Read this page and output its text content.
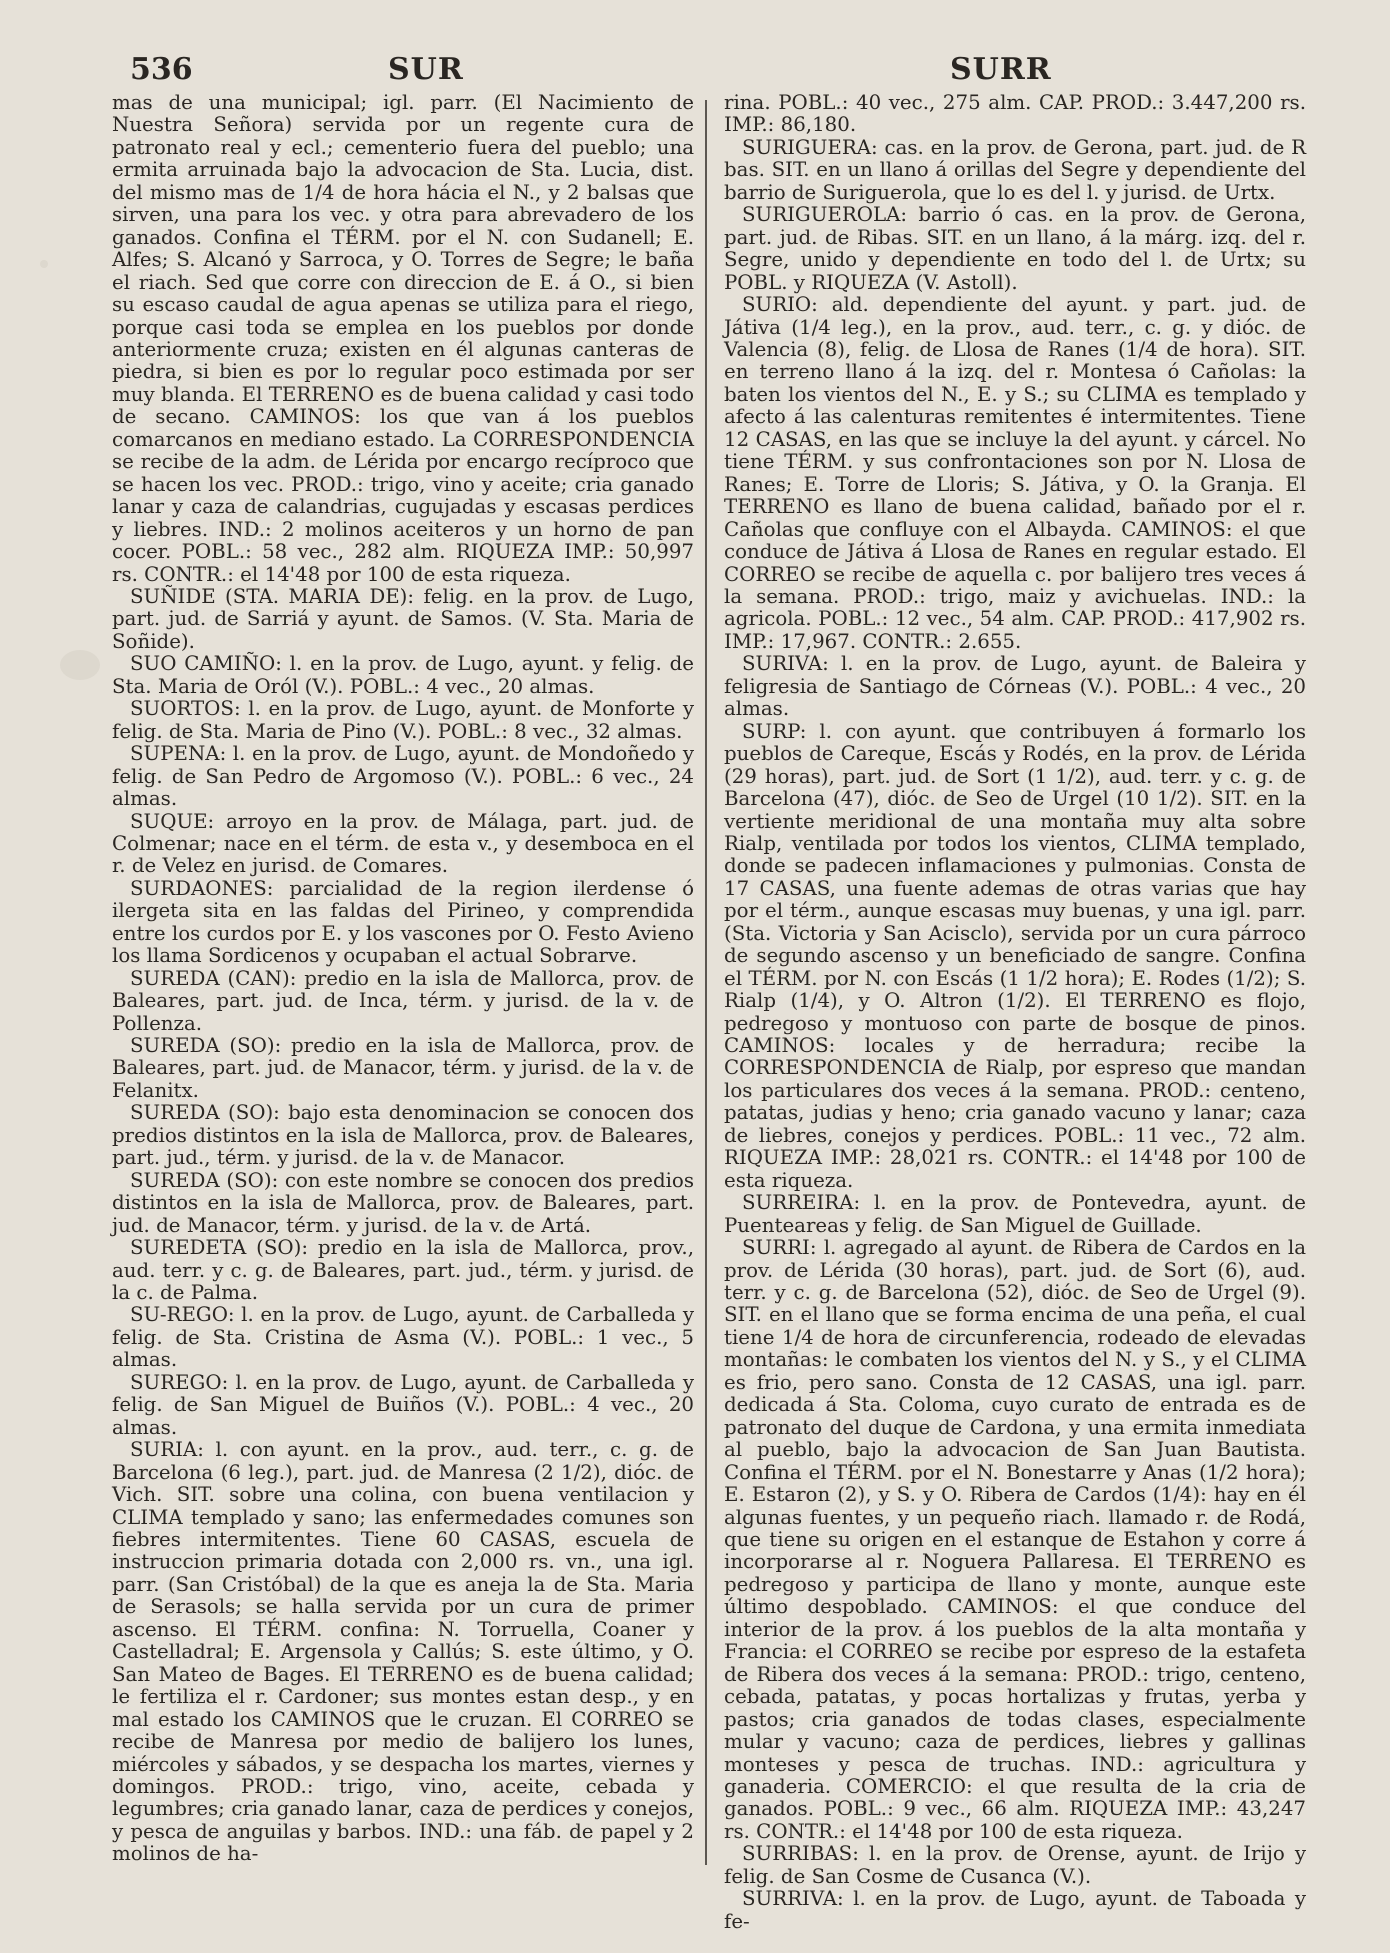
536	SUR	SURR

mas de una municipal; igl. parr. (El Nacimiento de Nuestra Señora) servida por un regente cura de patronato real y ecl.; cementerio fuera del pueblo; una ermita arruinada bajo la advocacion de Sta. Lucia, dist. del mismo mas de 1/4 de hora hácia el N., y 2 balsas que sirven, una para los vec. y otra para abrevadero de los ganados. Confina el TÉRM. por el N. con Sudanell; E. Alfes; S. Alcanó y Sarroca, y O. Torres de Segre; le baña el riach. Sed que corre con direccion de E. á O., si bien su escaso caudal de agua apenas se utiliza para el riego, porque casi toda se emplea en los pueblos por donde anteriormente cruza; existen en él algunas canteras de piedra, si bien es por lo regular poco estimada por ser muy blanda. El TERRENO es de buena calidad y casi todo de secano. CAMINOS: los que van á los pueblos comarcanos en mediano estado. La CORRESPONDENCIA se recibe de la adm. de Lérida por encargo recíproco que se hacen los vec. PROD.: trigo, vino y aceite; cria ganado lanar y caza de calandrias, cugujadas y escasas perdices y liebres. IND.: 2 molinos aceiteros y un horno de pan cocer. POBL.: 58 vec., 282 alm. RIQUEZA IMP.: 50,997 rs. CONTR.: el 14'48 por 100 de esta riqueza.

SUÑIDE (STA. MARIA DE): felig. en la prov. de Lugo, part. jud. de Sarriá y ayunt. de Samos. (V. Sta. Maria de Soñide).

SUO CAMIÑO: l. en la prov. de Lugo, ayunt. y felig. de Sta. Maria de Oról (V.). POBL.: 4 vec., 20 almas.

SUORTOS: l. en la prov. de Lugo, ayunt. de Monforte y felig. de Sta. Maria de Pino (V.). POBL.: 8 vec., 32 almas.

SUPENA: l. en la prov. de Lugo, ayunt. de Mondoñedo y felig. de San Pedro de Argomoso (V.). POBL.: 6 vec., 24 almas.

SUQUE: arroyo en la prov. de Málaga, part. jud. de Colmenar; nace en el térm. de esta v., y desemboca en el r. de Velez en jurisd. de Comares.

SURDAONES: parcialidad de la region ilerdense ó ilergeta sita en las faldas del Pirineo, y comprendida entre los curdos por E. y los vascones por O. Festo Avieno los llama Sordicenos y ocupaban el actual Sobrarve.

SUREDA (CAN): predio en la isla de Mallorca, prov. de Baleares, part. jud. de Inca, térm. y jurisd. de la v. de Pollenza.

SUREDA (SO): predio en la isla de Mallorca, prov. de Baleares, part. jud. de Manacor, térm. y jurisd. de la v. de Felanitx.

SUREDA (SO): bajo esta denominacion se conocen dos predios distintos en la isla de Mallorca, prov. de Baleares, part. jud., térm. y jurisd. de la v. de Manacor.

SUREDA (SO): con este nombre se conocen dos predios distintos en la isla de Mallorca, prov. de Baleares, part. jud. de Manacor, térm. y jurisd. de la v. de Artá.

SUREDETA (SO): predio en la isla de Mallorca, prov., aud. terr. y c. g. de Baleares, part. jud., térm. y jurisd. de la c. de Palma.

SU-REGO: l. en la prov. de Lugo, ayunt. de Carballeda y felig. de Sta. Cristina de Asma (V.). POBL.: 1 vec., 5 almas.

SUREGO: l. en la prov. de Lugo, ayunt. de Carballeda y felig. de San Miguel de Buiños (V.). POBL.: 4 vec., 20 almas.

SURIA: l. con ayunt. en la prov., aud. terr., c. g. de Barcelona (6 leg.), part. jud. de Manresa (2 1/2), dióc. de Vich. SIT. sobre una colina, con buena ventilacion y CLIMA templado y sano; las enfermedades comunes son fiebres intermitentes. Tiene 60 CASAS, escuela de instruccion primaria dotada con 2,000 rs. vn., una igl. parr. (San Cristóbal) de la que es aneja la de Sta. Maria de Serasols; se halla servida por un cura de primer ascenso. El TÉRM. confina: N. Torruella, Coaner y Castelladral; E. Argensola y Callús; S. este último, y O. San Mateo de Bages. El TERRENO es de buena calidad; le fertiliza el r. Cardoner; sus montes estan desp., y en mal estado los CAMINOS que le cruzan. El CORREO se recibe de Manresa por medio de balijero los lunes, miércoles y sábados, y se despacha los martes, viernes y domingos. PROD.: trigo, vino, aceite, cebada y legumbres; cria ganado lanar, caza de perdices y conejos, y pesca de anguilas y barbos. IND.: una fáb. de papel y 2 molinos de ha-

rina. POBL.: 40 vec., 275 alm. CAP. PROD.: 3.447,200 rs. IMP.: 86,180.

SURIGUERA: cas. en la prov. de Gerona, part. jud. de R bas. SIT. en un llano á orillas del Segre y dependiente del barrio de Suriguerola, que lo es del l. y jurisd. de Urtx.

SURIGUEROLA: barrio ó cas. en la prov. de Gerona, part. jud. de Ribas. SIT. en un llano, á la márg. izq. del r. Segre, unido y dependiente en todo del l. de Urtx; su POBL. y RIQUEZA (V. Astoll).

SURIO: ald. dependiente del ayunt. y part. jud. de Játiva (1/4 leg.), en la prov., aud. terr., c. g. y dióc. de Valencia (8), felig. de Llosa de Ranes (1/4 de hora). SIT. en terreno llano á la izq. del r. Montesa ó Cañolas: la baten los vientos del N., E. y S.; su CLIMA es templado y afecto á las calenturas remitentes é intermitentes. Tiene 12 CASAS, en las que se incluye la del ayunt. y cárcel. No tiene TÉRM. y sus confrontaciones son por N. Llosa de Ranes; E. Torre de Lloris; S. Játiva, y O. la Granja. El TERRENO es llano de buena calidad, bañado por el r. Cañolas que confluye con el Albayda. CAMINOS: el que conduce de Játiva á Llosa de Ranes en regular estado. El CORREO se recibe de aquella c. por balijero tres veces á la semana. PROD.: trigo, maiz y avichuelas. IND.: la agricola. POBL.: 12 vec., 54 alm. CAP. PROD.: 417,902 rs. IMP.: 17,967. CONTR.: 2.655.

SURIVA: l. en la prov. de Lugo, ayunt. de Baleira y feligresia de Santiago de Córneas (V.). POBL.: 4 vec., 20 almas.

SURP: l. con ayunt. que contribuyen á formarlo los pueblos de Careque, Escás y Rodés, en la prov. de Lérida (29 horas), part. jud. de Sort (1 1/2), aud. terr. y c. g. de Barcelona (47), dióc. de Seo de Urgel (10 1/2). SIT. en la vertiente meridional de una montaña muy alta sobre Rialp, ventilada por todos los vientos, CLIMA templado, donde se padecen inflamaciones y pulmonias. Consta de 17 CASAS, una fuente ademas de otras varias que hay por el térm., aunque escasas muy buenas, y una igl. parr. (Sta. Victoria y San Acisclo), servida por un cura párroco de segundo ascenso y un beneficiado de sangre. Confina el TÉRM. por N. con Escás (1 1/2 hora); E. Rodes (1/2); S. Rialp (1/4), y O. Altron (1/2). El TERRENO es flojo, pedregoso y montuoso con parte de bosque de pinos. CAMINOS: locales y de herradura; recibe la CORRESPONDENCIA de Rialp, por espreso que mandan los particulares dos veces á la semana. PROD.: centeno, patatas, judias y heno; cria ganado vacuno y lanar; caza de liebres, conejos y perdices. POBL.: 11 vec., 72 alm. RIQUEZA IMP.: 28,021 rs. CONTR.: el 14'48 por 100 de esta riqueza.

SURREIRA: l. en la prov. de Pontevedra, ayunt. de Puenteareas y felig. de San Miguel de Guillade.

SURRI: l. agregado al ayunt. de Ribera de Cardos en la prov. de Lérida (30 horas), part. jud. de Sort (6), aud. terr. y c. g. de Barcelona (52), dióc. de Seo de Urgel (9). SIT. en el llano que se forma encima de una peña, el cual tiene 1/4 de hora de circunferencia, rodeado de elevadas montañas: le combaten los vientos del N. y S., y el CLIMA es frio, pero sano. Consta de 12 CASAS, una igl. parr. dedicada á Sta. Coloma, cuyo curato de entrada es de patronato del duque de Cardona, y una ermita inmediata al pueblo, bajo la advocacion de San Juan Bautista. Confina el TÉRM. por el N. Bonestarre y Anas (1/2 hora); E. Estaron (2), y S. y O. Ribera de Cardos (1/4): hay en él algunas fuentes, y un pequeño riach. llamado r. de Rodá, que tiene su origen en el estanque de Estahon y corre á incorporarse al r. Noguera Pallaresa. El TERRENO es pedregoso y participa de llano y monte, aunque este último despoblado. CAMINOS: el que conduce del interior de la prov. á los pueblos de la alta montaña y Francia: el CORREO se recibe por espreso de la estafeta de Ribera dos veces á la semana: PROD.: trigo, centeno, cebada, patatas, y pocas hortalizas y frutas, yerba y pastos; cria ganados de todas clases, especialmente mular y vacuno; caza de perdices, liebres y gallinas monteses y pesca de truchas. IND.: agricultura y ganaderia. COMERCIO: el que resulta de la cria de ganados. POBL.: 9 vec., 66 alm. RIQUEZA IMP.: 43,247 rs. CONTR.: el 14'48 por 100 de esta riqueza.

SURRIBAS: l. en la prov. de Orense, ayunt. de Irijo y felig. de San Cosme de Cusanca (V.).

SURRIVA: l. en la prov. de Lugo, ayunt. de Taboada y fe-
